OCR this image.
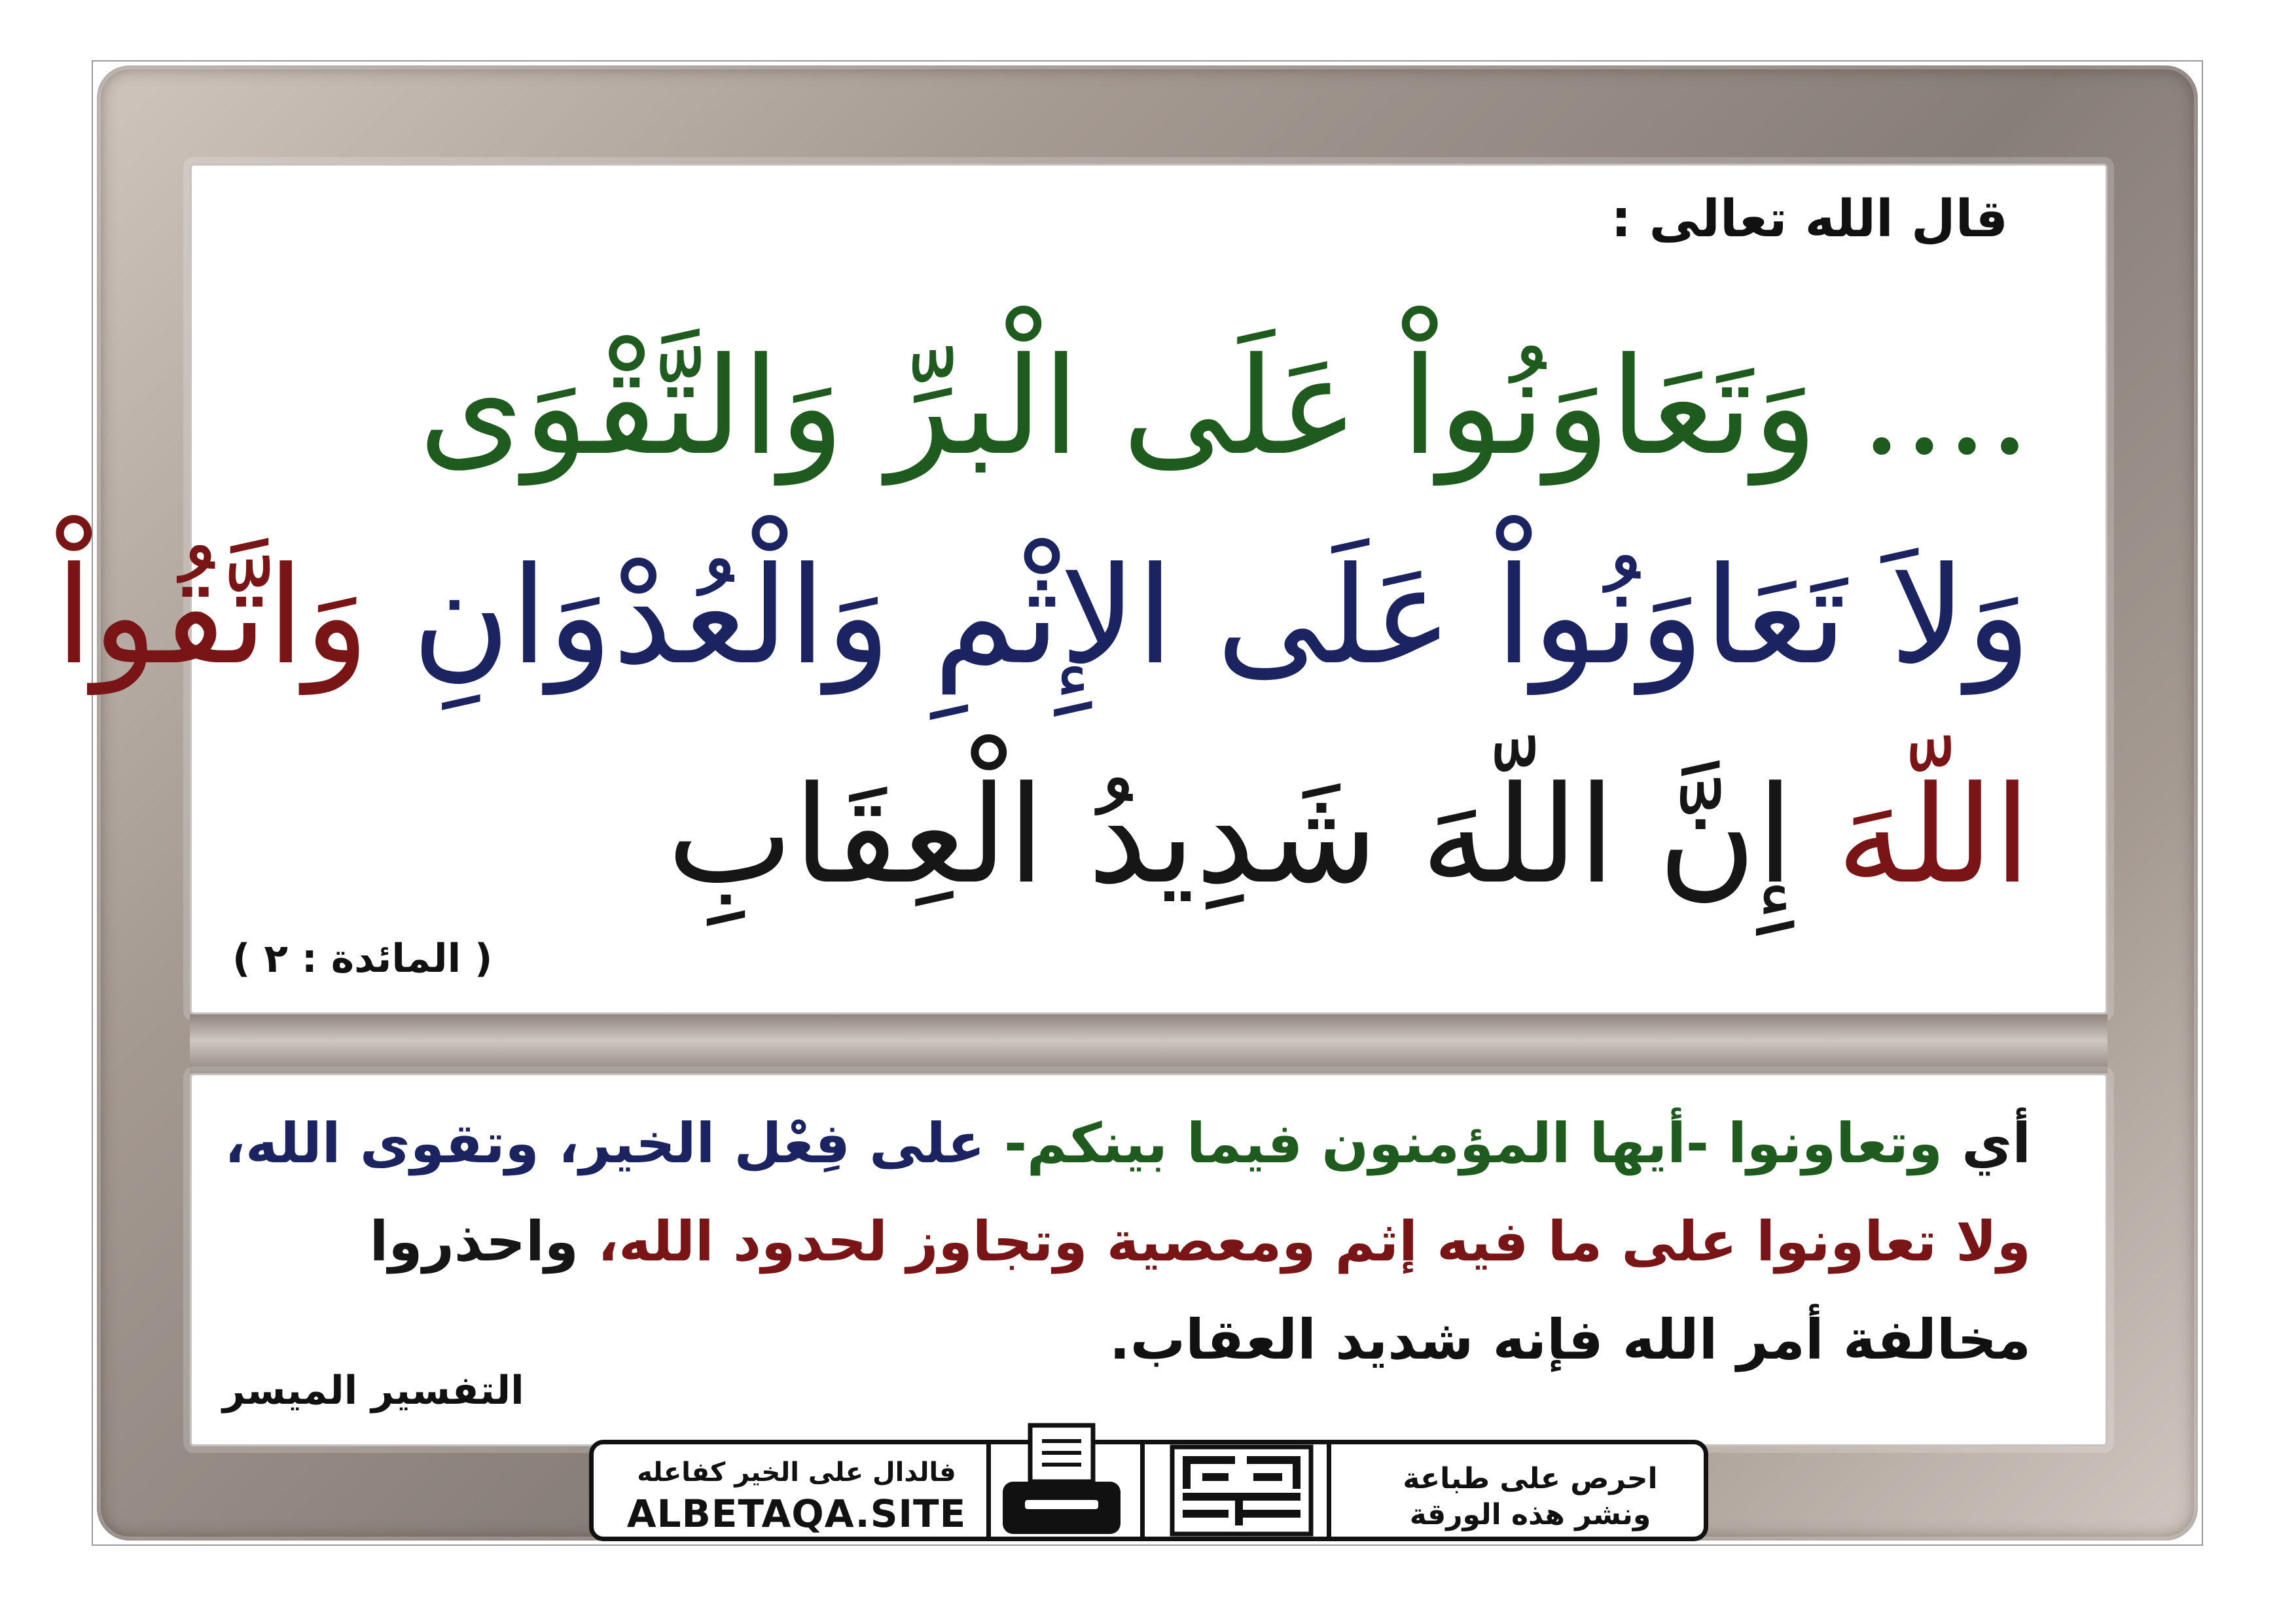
قال الله تعالى :
.... وَتَعَاوَنُواْ عَلَى الْبرِّ وَالتَّقْوَى
وَلاَ تَعَاوَنُواْ عَلَى الإِثْمِ وَالْعُدْوَانِ وَاتَّقُواْ
اللّهَ إِنَّ اللّهَ شَدِيدُ الْعِقَابِ
( المائدة : ٢ )
أي وتعاونوا -أيها المؤمنون فيما بينكم- على فِعْل الخير، وتقوى الله،
ولا تعاونوا على ما فيه إثم ومعصية وتجاوز لحدود الله، واحذروا
مخالفة أمر الله فإنه شديد العقاب.
التفسير الميسر
فالدال على الخير كفاعله
ALBETAQA.SITE
احرص على طباعة
ونشر هذه الورقة
